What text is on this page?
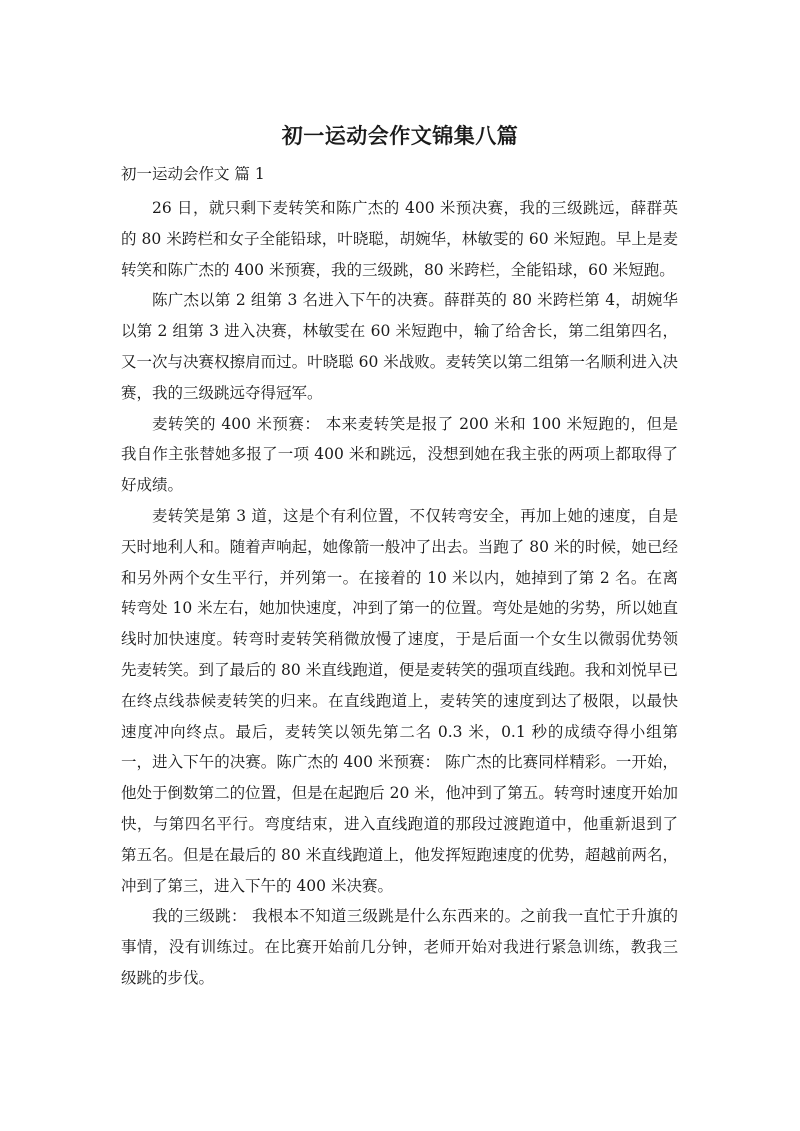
初一运动会作文锦集八篇
初一运动会作文 篇 1

26 日，就只剩下麦转笑和陈广杰的 400 米预决赛，我的三级跳远，薛群英的 80 米跨栏和女子全能铅球，叶晓聪，胡婉华，林敏雯的 60 米短跑。早上是麦转笑和陈广杰的 400 米预赛，我的三级跳，80 米跨栏，全能铅球，60 米短跑。

陈广杰以第 2 组第 3 名进入下午的决赛。薛群英的 80 米跨栏第 4，胡婉华以第 2 组第 3 进入决赛，林敏雯在 60 米短跑中，输了给舍长，第二组第四名，又一次与决赛权擦肩而过。叶晓聪 60 米战败。麦转笑以第二组第一名顺利进入决赛，我的三级跳远夺得冠军。

麦转笑的 400 米预赛： 本来麦转笑是报了 200 米和 100 米短跑的，但是我自作主张替她多报了一项 400 米和跳远，没想到她在我主张的两项上都取得了好成绩。

麦转笑是第 3 道，这是个有利位置，不仅转弯安全，再加上她的速度，自是天时地利人和。随着声响起，她像箭一般冲了出去。当跑了 80 米的时候，她已经和另外两个女生平行，并列第一。在接着的 10 米以内，她掉到了第 2 名。在离转弯处 10 米左右，她加快速度，冲到了第一的位置。弯处是她的劣势，所以她直线时加快速度。转弯时麦转笑稍微放慢了速度，于是后面一个女生以微弱优势领先麦转笑。到了最后的 80 米直线跑道，便是麦转笑的强项直线跑。我和刘悦早已在终点线恭候麦转笑的归来。在直线跑道上，麦转笑的速度到达了极限，以最快速度冲向终点。最后，麦转笑以领先第二名 0.3 米，0.1 秒的成绩夺得小组第一，进入下午的决赛。陈广杰的 400 米预赛： 陈广杰的比赛同样精彩。一开始，他处于倒数第二的位置，但是在起跑后 20 米，他冲到了第五。转弯时速度开始加快，与第四名平行。弯度结束，进入直线跑道的那段过渡跑道中，他重新退到了第五名。但是在最后的 80 米直线跑道上，他发挥短跑速度的优势，超越前两名，冲到了第三，进入下午的 400 米决赛。

我的三级跳： 我根本不知道三级跳是什么东西来的。之前我一直忙于升旗的事情，没有训练过。在比赛开始前几分钟，老师开始对我进行紧急训练，教我三级跳的步伐。
